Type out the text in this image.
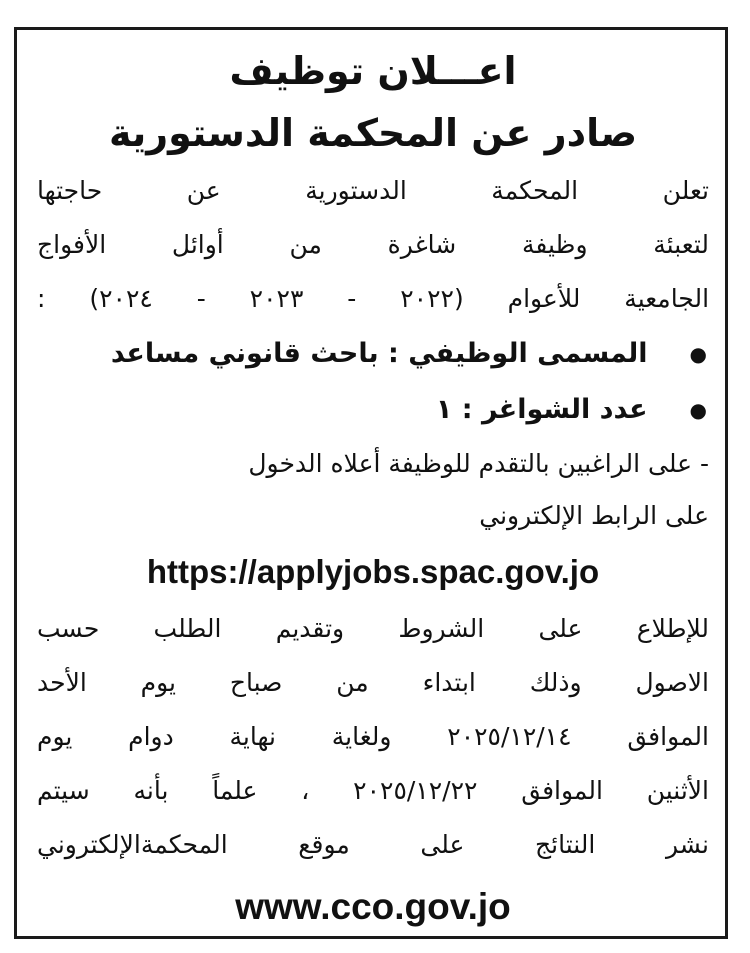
اعـــلان توظيف

صادر عن المحكمة الدستورية

تعلن المحكمة الدستورية عن حاجتها

لتعبئة وظيفة شاغرة من أوائل الأفواج

الجامعية للأعوام (٢٠٢٢ - ٢٠٢٣ - ٢٠٢٤) :

●
المسمى الوظيفي : باحث قانوني مساعد

●
عدد الشواغر : ١

- على الراغبين بالتقدم للوظيفة أعلاه الدخول

على الرابط الإلكتروني

https://applyjobs.spac.gov.jo

للإطلاع على الشروط وتقديم الطلب حسب

الاصول وذلك ابتداء من صباح يوم الأحد

الموافق ٢٠٢٥/١٢/١٤ ولغاية نهاية دوام يوم

الأثنين الموافق ٢٠٢٥/١٢/٢٢ ، علماً بأنه سيتم

نشر النتائج على موقع المحكمةالإلكتروني

www.cco.gov.jo
